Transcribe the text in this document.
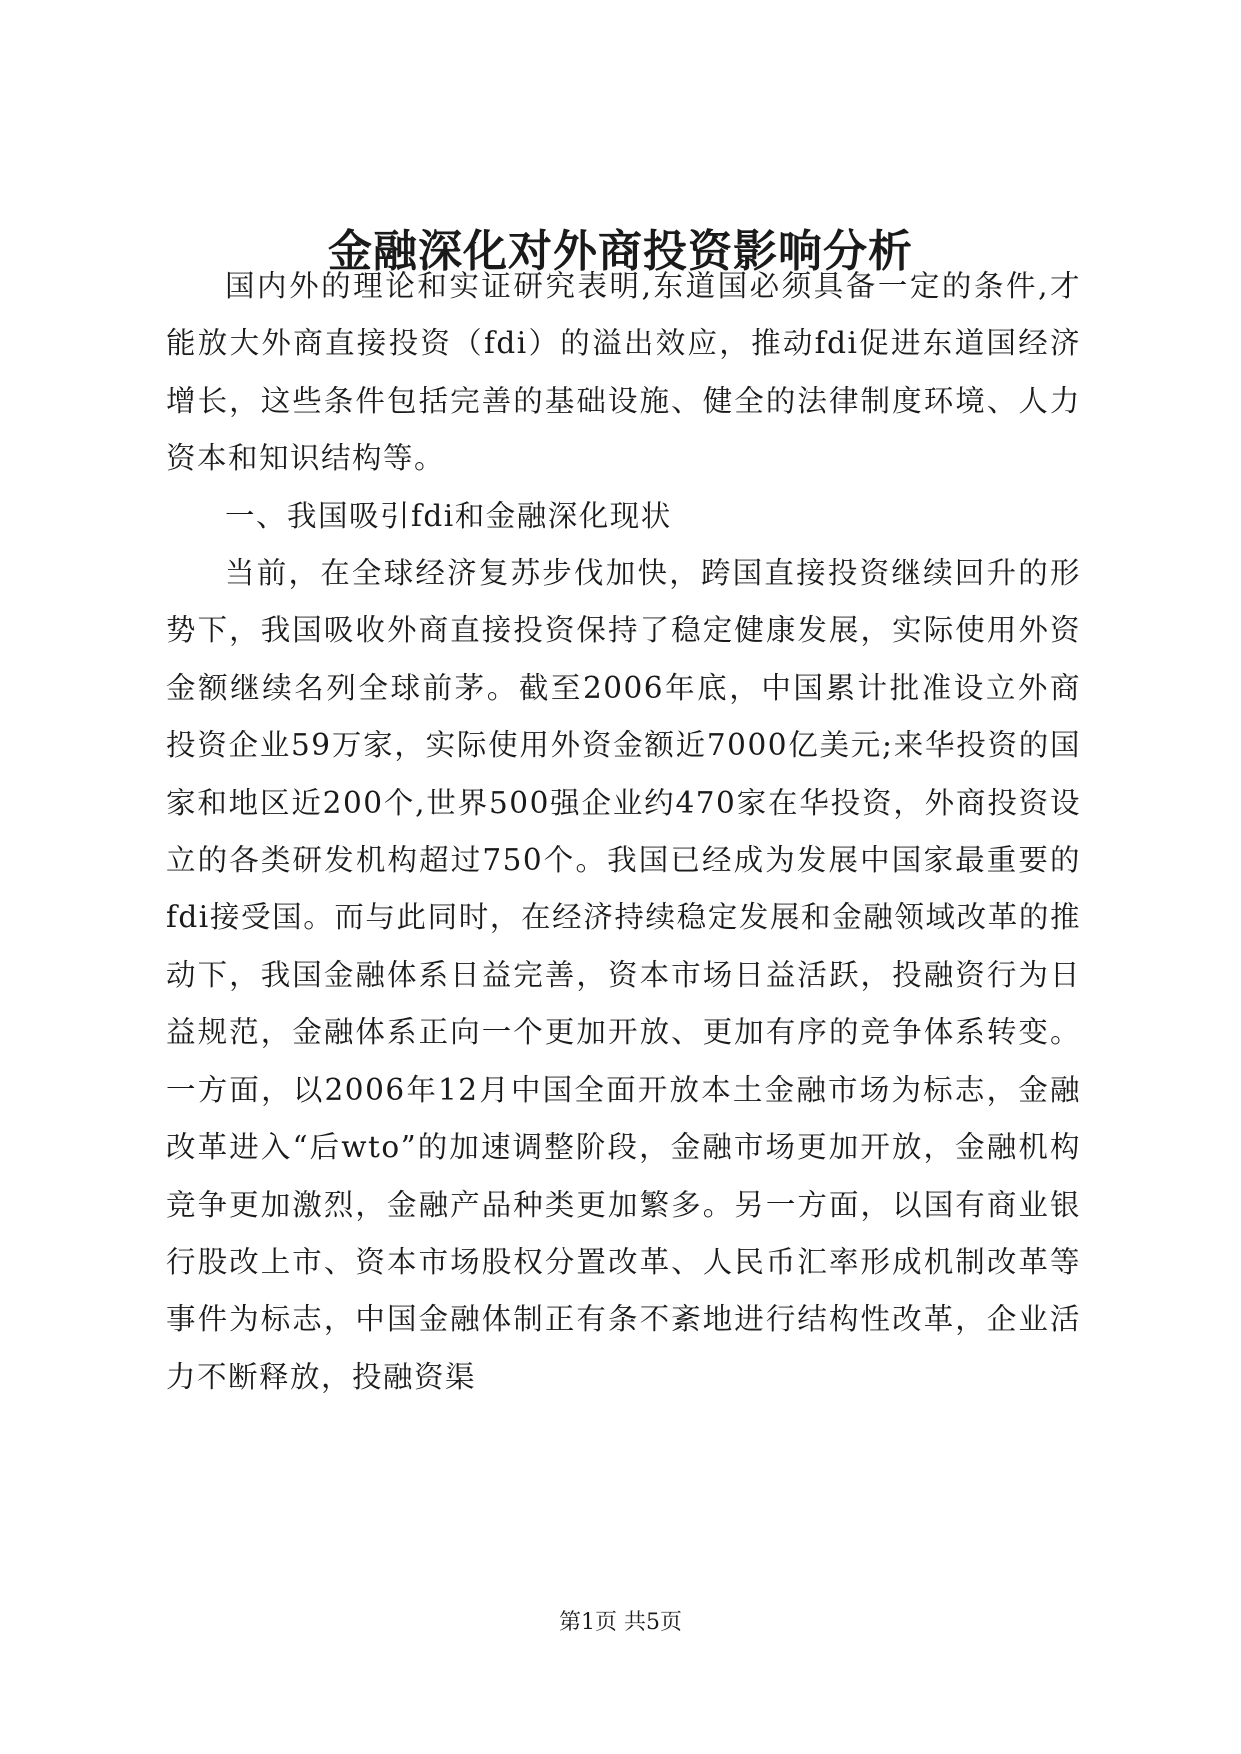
金融深化对外商投资影响分析

国内外的理论和实证研究表明,东道国必须具备一定的条件,才能放大外商直接投资（fdi）的溢出效应，推动fdi促进东道国经济增长，这些条件包括完善的基础设施、健全的法律制度环境、人力资本和知识结构等。

一、我国吸引fdi和金融深化现状

当前，在全球经济复苏步伐加快，跨国直接投资继续回升的形势下，我国吸收外商直接投资保持了稳定健康发展，实际使用外资金额继续名列全球前茅。截至2006年底，中国累计批准设立外商投资企业59万家，实际使用外资金额近7000亿美元;来华投资的国家和地区近200个,世界500强企业约470家在华投资，外商投资设立的各类研发机构超过750个。我国已经成为发展中国家最重要的fdi接受国。而与此同时，在经济持续稳定发展和金融领域改革的推动下，我国金融体系日益完善，资本市场日益活跃，投融资行为日益规范，金融体系正向一个更加开放、更加有序的竞争体系转变。一方面，以2006年12月中国全面开放本土金融市场为标志，金融改革进入“后wto”的加速调整阶段，金融市场更加开放，金融机构竞争更加激烈，金融产品种类更加繁多。另一方面，以国有商业银行股改上市、资本市场股权分置改革、人民币汇率形成机制改革等事件为标志，中国金融体制正有条不紊地进行结构性改革，企业活力不断释放，投融资渠

第1页 共5页
